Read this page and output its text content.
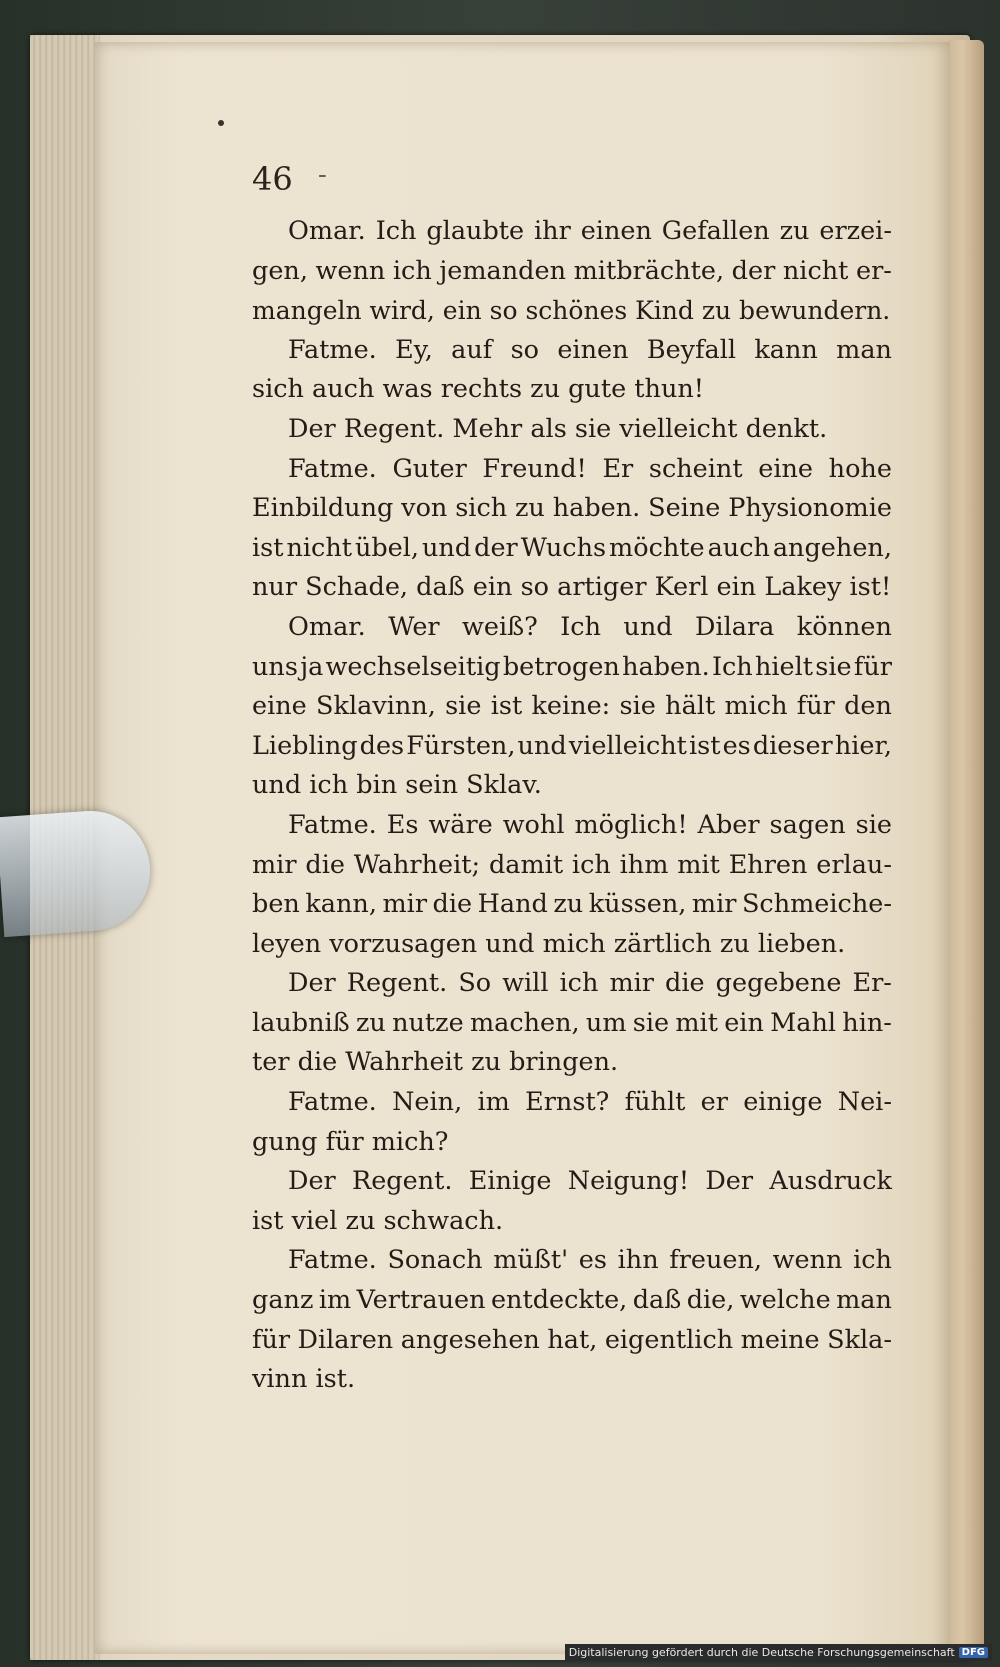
46 -
Omar. Ich glaubte ihr einen Gefallen zu erzei-
gen, wenn ich jemanden mitbrächte, der nicht er-
mangeln wird, ein so schönes Kind zu bewundern.
Fatme. Ey, auf so einen Beyfall kann man
sich auch was rechts zu gute thun!
Der Regent. Mehr als sie vielleicht denkt.
Fatme. Guter Freund! Er scheint eine hohe
Einbildung von sich zu haben. Seine Physionomie
ist nicht übel, und der Wuchs möchte auch angehen,
nur Schade, daß ein so artiger Kerl ein Lakey ist!
Omar. Wer weiß? Ich und Dilara können
uns ja wechselseitig betrogen haben. Ich hielt sie für
eine Sklavinn, sie ist keine: sie hält mich für den
Liebling des Fürsten, und vielleicht ist es dieser hier,
und ich bin sein Sklav.
Fatme. Es wäre wohl möglich! Aber sagen sie
mir die Wahrheit; damit ich ihm mit Ehren erlau-
ben kann, mir die Hand zu küssen, mir Schmeiche-
leyen vorzusagen und mich zärtlich zu lieben.
Der Regent. So will ich mir die gegebene Er-
laubniß zu nutze machen, um sie mit ein Mahl hin-
ter die Wahrheit zu bringen.
Fatme. Nein, im Ernst? fühlt er einige Nei-
gung für mich?
Der Regent. Einige Neigung! Der Ausdruck
ist viel zu schwach.
Fatme. Sonach müßt' es ihn freuen, wenn ich
ganz im Vertrauen entdeckte, daß die, welche man
für Dilaren angesehen hat, eigentlich meine Skla-
vinn ist.
Digitalisierung gefördert durch die Deutsche Forschungsgemeinschaft DFG
